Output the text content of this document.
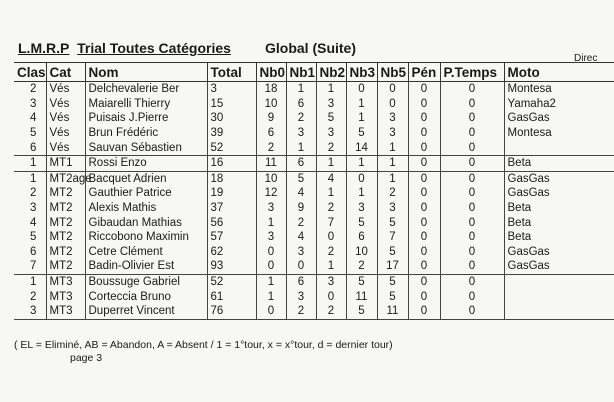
L.M.R.P Trial Toutes Catégories Global (Suite)
Direc
Clas	Cat	Nom	Total	Nb0	Nb1	Nb2	Nb3	Nb5	Pén	P.Temps	Moto
2	Vés	Delchevalerie Ber	3	18	1	1	0	0	0	0	Montesa
3	Vés	Maiarelli Thierry	15	10	6	3	1	0	0	0	Yamaha2
4	Vés	Puisais J.Pierre	30	9	2	5	1	3	0	0	GasGas
5	Vés	Brun Frédéric	39	6	3	3	5	3	0	0	Montesa
6	Vés	Sauvan Sébastien	52	2	1	2	14	1	0	0	
1	MT1	Rossi Enzo	16	11	6	1	1	1	0	0	Beta
1	MT2age	Bacquet Adrien	18	10	5	4	0	1	0	0	GasGas
2	MT2	Gauthier Patrice	19	12	4	1	1	2	0	0	GasGas
3	MT2	Alexis Mathis	37	3	9	2	3	3	0	0	Beta
4	MT2	Gibaudan Mathias	56	1	2	7	5	5	0	0	Beta
5	MT2	Riccobono Maximin	57	3	4	0	6	7	0	0	Beta
6	MT2	Cetre Clément	62	0	3	2	10	5	0	0	GasGas
7	MT2	Badin-Olivier Est	93	0	0	1	2	17	0	0	GasGas
1	MT3	Boussuge Gabriel	52	1	6	3	5	5	0	0	
2	MT3	Corteccia Bruno	61	1	3	0	11	5	0	0	
3	MT3	Duperret Vincent	76	0	2	2	5	11	0	0	
( EL = Eliminé, AB = Abandon, A = Absent / 1 = 1°tour, x = x°tour, d = dernier tour)
page 3
